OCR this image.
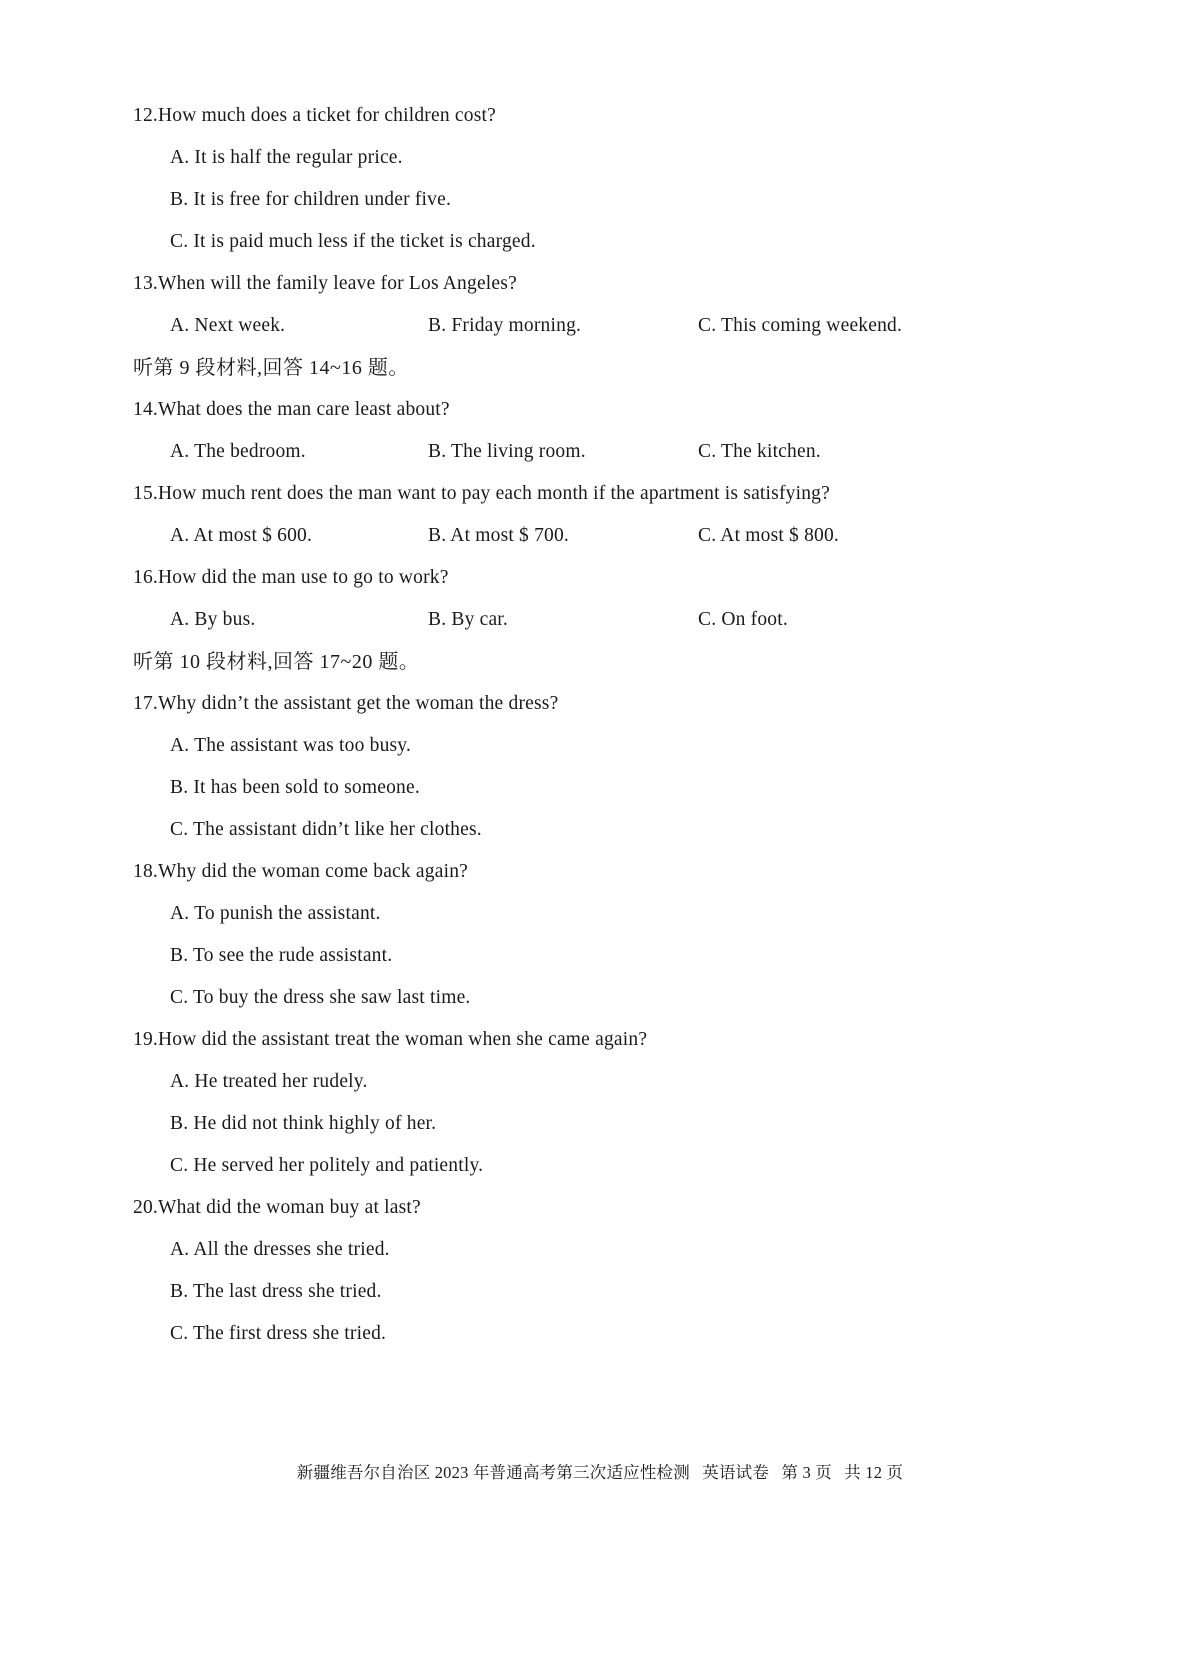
12.How much does a ticket for children cost?
A. It is half the regular price.
B. It is free for children under five.
C. It is paid much less if the ticket is charged.
13.When will the family leave for Los Angeles?
A. Next week.	B. Friday morning.	C. This coming weekend.
听第 9 段材料,回答 14~16 题。
14.What does the man care least about?
A. The bedroom.	B. The living room.	C. The kitchen.
15.How much rent does the man want to pay each month if the apartment is satisfying?
A. At most $ 600.	B. At most $ 700.	C. At most $ 800.
16.How did the man use to go to work?
A. By bus.	B. By car.	C. On foot.
听第 10 段材料,回答 17~20 题。
17.Why didn’t the assistant get the woman the dress?
A. The assistant was too busy.
B. It has been sold to someone.
C. The assistant didn’t like her clothes.
18.Why did the woman come back again?
A. To punish the assistant.
B. To see the rude assistant.
C. To buy the dress she saw last time.
19.How did the assistant treat the woman when she came again?
A. He treated her rudely.
B. He did not think highly of her.
C. He served her politely and patiently.
20.What did the woman buy at last?
A. All the dresses she tried.
B. The last dress she tried.
C. The first dress she tried.
新疆维吾尔自治区 2023 年普通高考第三次适应性检测 英语试卷 第 3 页 共 12 页
